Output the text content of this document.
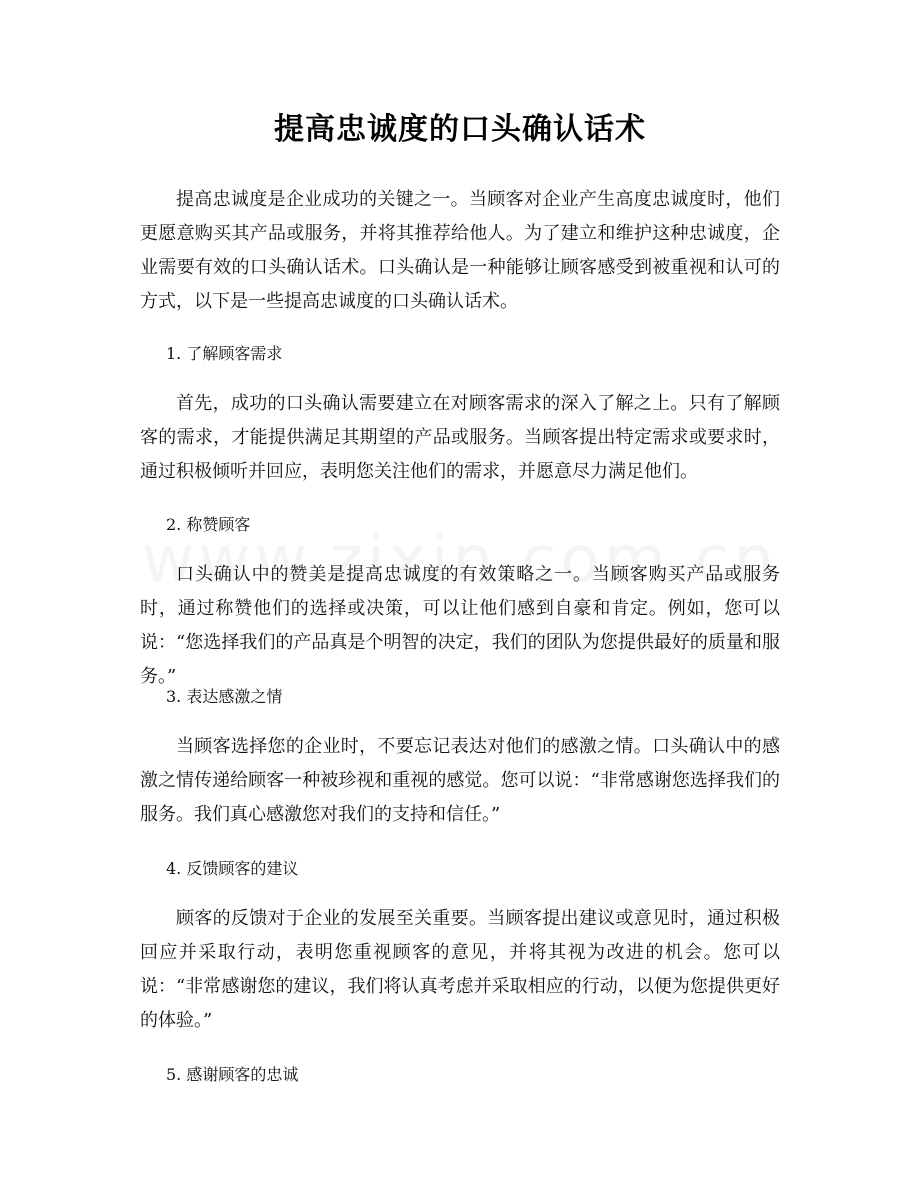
提高忠诚度的口头确认话术

提高忠诚度是企业成功的关键之一。当顾客对企业产生高度忠诚度时，他们更愿意购买其产品或服务，并将其推荐给他人。为了建立和维护这种忠诚度，企业需要有效的口头确认话术。口头确认是一种能够让顾客感受到被重视和认可的方式，以下是一些提高忠诚度的口头确认话术。

1. 了解顾客需求

首先，成功的口头确认需要建立在对顾客需求的深入了解之上。只有了解顾客的需求，才能提供满足其期望的产品或服务。当顾客提出特定需求或要求时，通过积极倾听并回应，表明您关注他们的需求，并愿意尽力满足他们。

2. 称赞顾客

口头确认中的赞美是提高忠诚度的有效策略之一。当顾客购买产品或服务时，通过称赞他们的选择或决策，可以让他们感到自豪和肯定。例如，您可以说：“您选择我们的产品真是个明智的决定，我们的团队为您提供最好的质量和服务。”

3. 表达感激之情

当顾客选择您的企业时，不要忘记表达对他们的感激之情。口头确认中的感激之情传递给顾客一种被珍视和重视的感觉。您可以说：“非常感谢您选择我们的服务。我们真心感激您对我们的支持和信任。”

4. 反馈顾客的建议

顾客的反馈对于企业的发展至关重要。当顾客提出建议或意见时，通过积极回应并采取行动，表明您重视顾客的意见，并将其视为改进的机会。您可以说：“非常感谢您的建议，我们将认真考虑并采取相应的行动，以便为您提供更好的体验。”

5. 感谢顾客的忠诚
